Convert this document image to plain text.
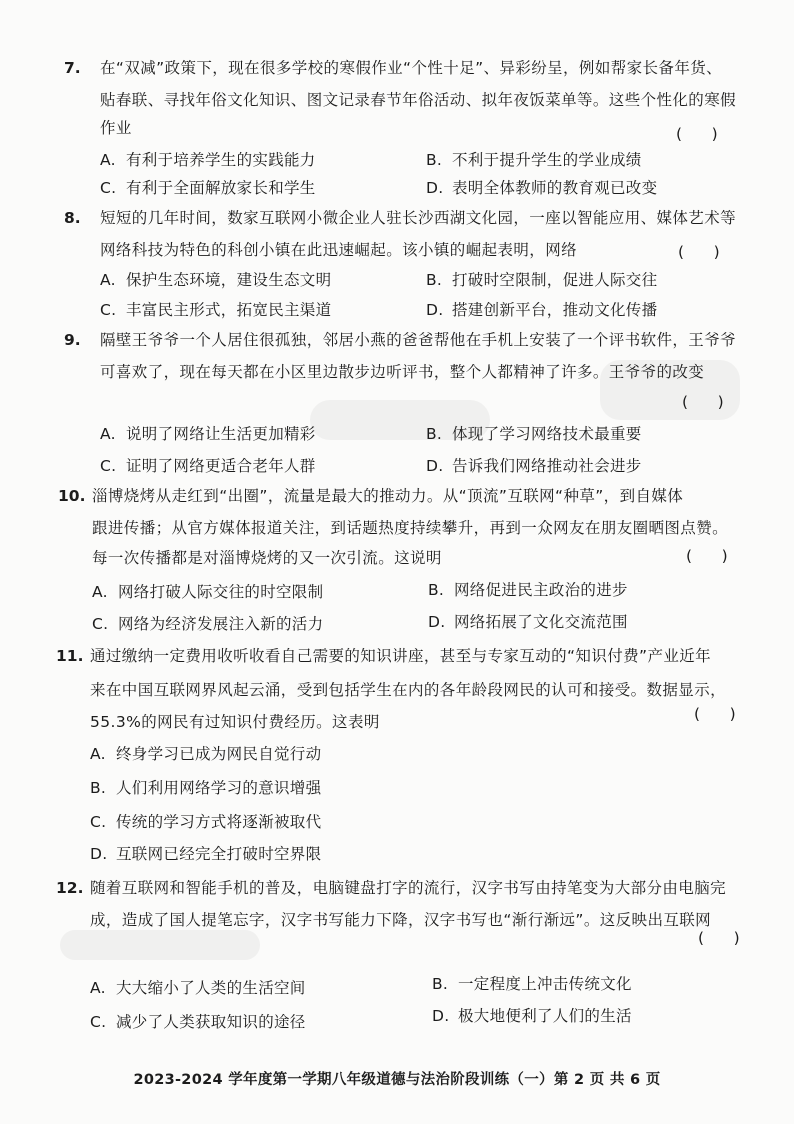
7. 在“双减”政策下，现在很多学校的寒假作业“个性十足”、异彩纷呈，例如帮家长备年货、
贴春联、寻找年俗文化知识、图文记录春节年俗活动、拟年夜饭菜单等。这些个性化的寒假
作业	(      )
A. 有利于培养学生的实践能力	B. 不利于提升学生的学业成绩
C. 有利于全面解放家长和学生	D. 表明全体教师的教育观已改变
8. 短短的几年时间，数家互联网小微企业人驻长沙西湖文化园，一座以智能应用、媒体艺术等
网络科技为特色的科创小镇在此迅速崛起。该小镇的崛起表明，网络	(      )
A. 保护生态环境，建设生态文明	B. 打破时空限制，促进人际交往
C. 丰富民主形式，拓宽民主渠道	D. 搭建创新平台，推动文化传播
9. 隔壁王爷爷一个人居住很孤独，邻居小燕的爸爸帮他在手机上安装了一个评书软件，王爷爷
可喜欢了，现在每天都在小区里边散步边听评书，整个人都精神了许多。王爷爷的改变
(      )
A. 说明了网络让生活更加精彩	B. 体现了学习网络技术最重要
C. 证明了网络更适合老年人群	D. 告诉我们网络推动社会进步
10. 淄博烧烤从走红到“出圈”，流量是最大的推动力。从“顶流”互联网“种草”，到自媒体
跟进传播；从官方媒体报道关注，到话题热度持续攀升，再到一众网友在朋友圈晒图点赞。
每一次传播都是对淄博烧烤的又一次引流。这说明	(      )
A. 网络打破人际交往的时空限制	B. 网络促进民主政治的进步
C. 网络为经济发展注入新的活力	D. 网络拓展了文化交流范围
11. 通过缴纳一定费用收听收看自己需要的知识讲座，甚至与专家互动的“知识付费”产业近年
来在中国互联网界风起云涌，受到包括学生在内的各年龄段网民的认可和接受。数据显示，
55.3%的网民有过知识付费经历。这表明	(      )
A. 终身学习已成为网民自觉行动
B. 人们利用网络学习的意识增强
C. 传统的学习方式将逐渐被取代
D. 互联网已经完全打破时空界限
12. 随着互联网和智能手机的普及，电脑键盘打字的流行，汉字书写由持笔变为大部分由电脑完
成，造成了国人提笔忘字，汉字书写能力下降，汉字书写也“渐行渐远”。这反映出互联网
(      )
A. 大大缩小了人类的生活空间	B. 一定程度上冲击传统文化
C. 减少了人类获取知识的途径	D. 极大地便利了人们的生活
2023-2024 学年度第一学期八年级道德与法治阶段训练（一）第 2 页 共 6 页
